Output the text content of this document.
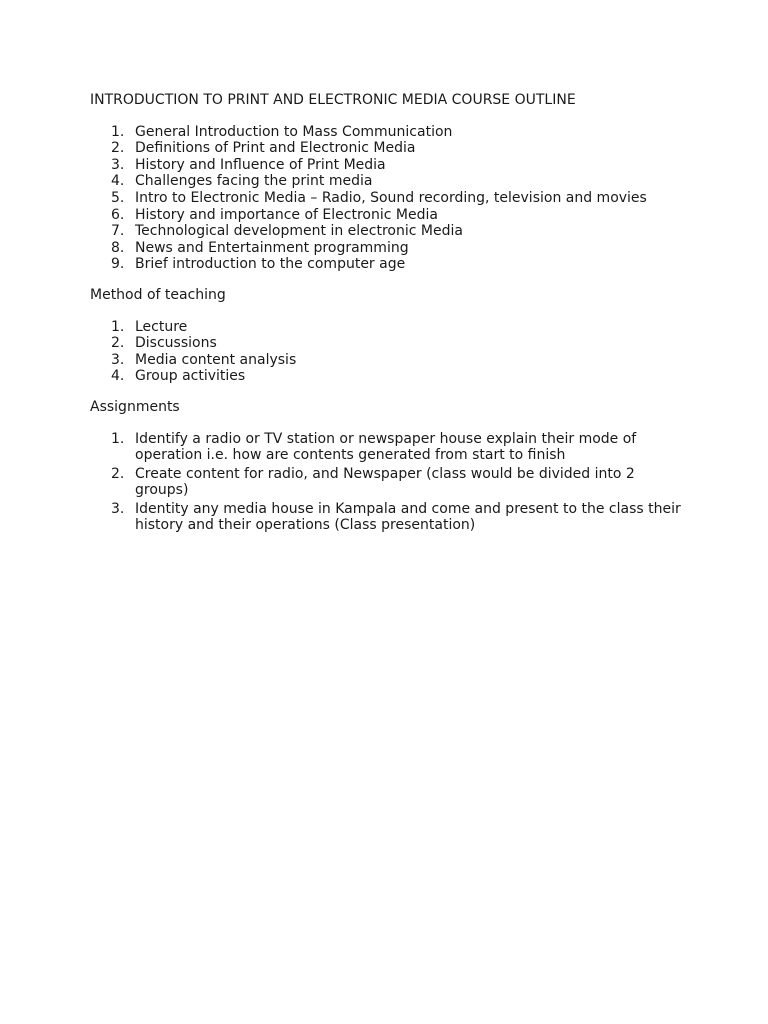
INTRODUCTION TO PRINT AND ELECTRONIC MEDIA COURSE OUTLINE
1. General Introduction to Mass Communication
2. Definitions of Print and Electronic Media
3. History and Influence of Print Media
4. Challenges facing the print media
5. Intro to Electronic Media – Radio, Sound recording, television and movies
6. History and importance of Electronic Media
7. Technological development in electronic Media
8. News and Entertainment programming
9. Brief introduction to the computer age
Method of teaching
1. Lecture
2. Discussions
3. Media content analysis
4. Group activities
Assignments
1. Identify a radio or TV station or newspaper house explain their mode of operation i.e. how are contents generated from start to finish
2. Create content for radio, and Newspaper (class would be divided into 2 groups)
3. Identity any media house in Kampala and come and present to the class their history and their operations (Class presentation)
